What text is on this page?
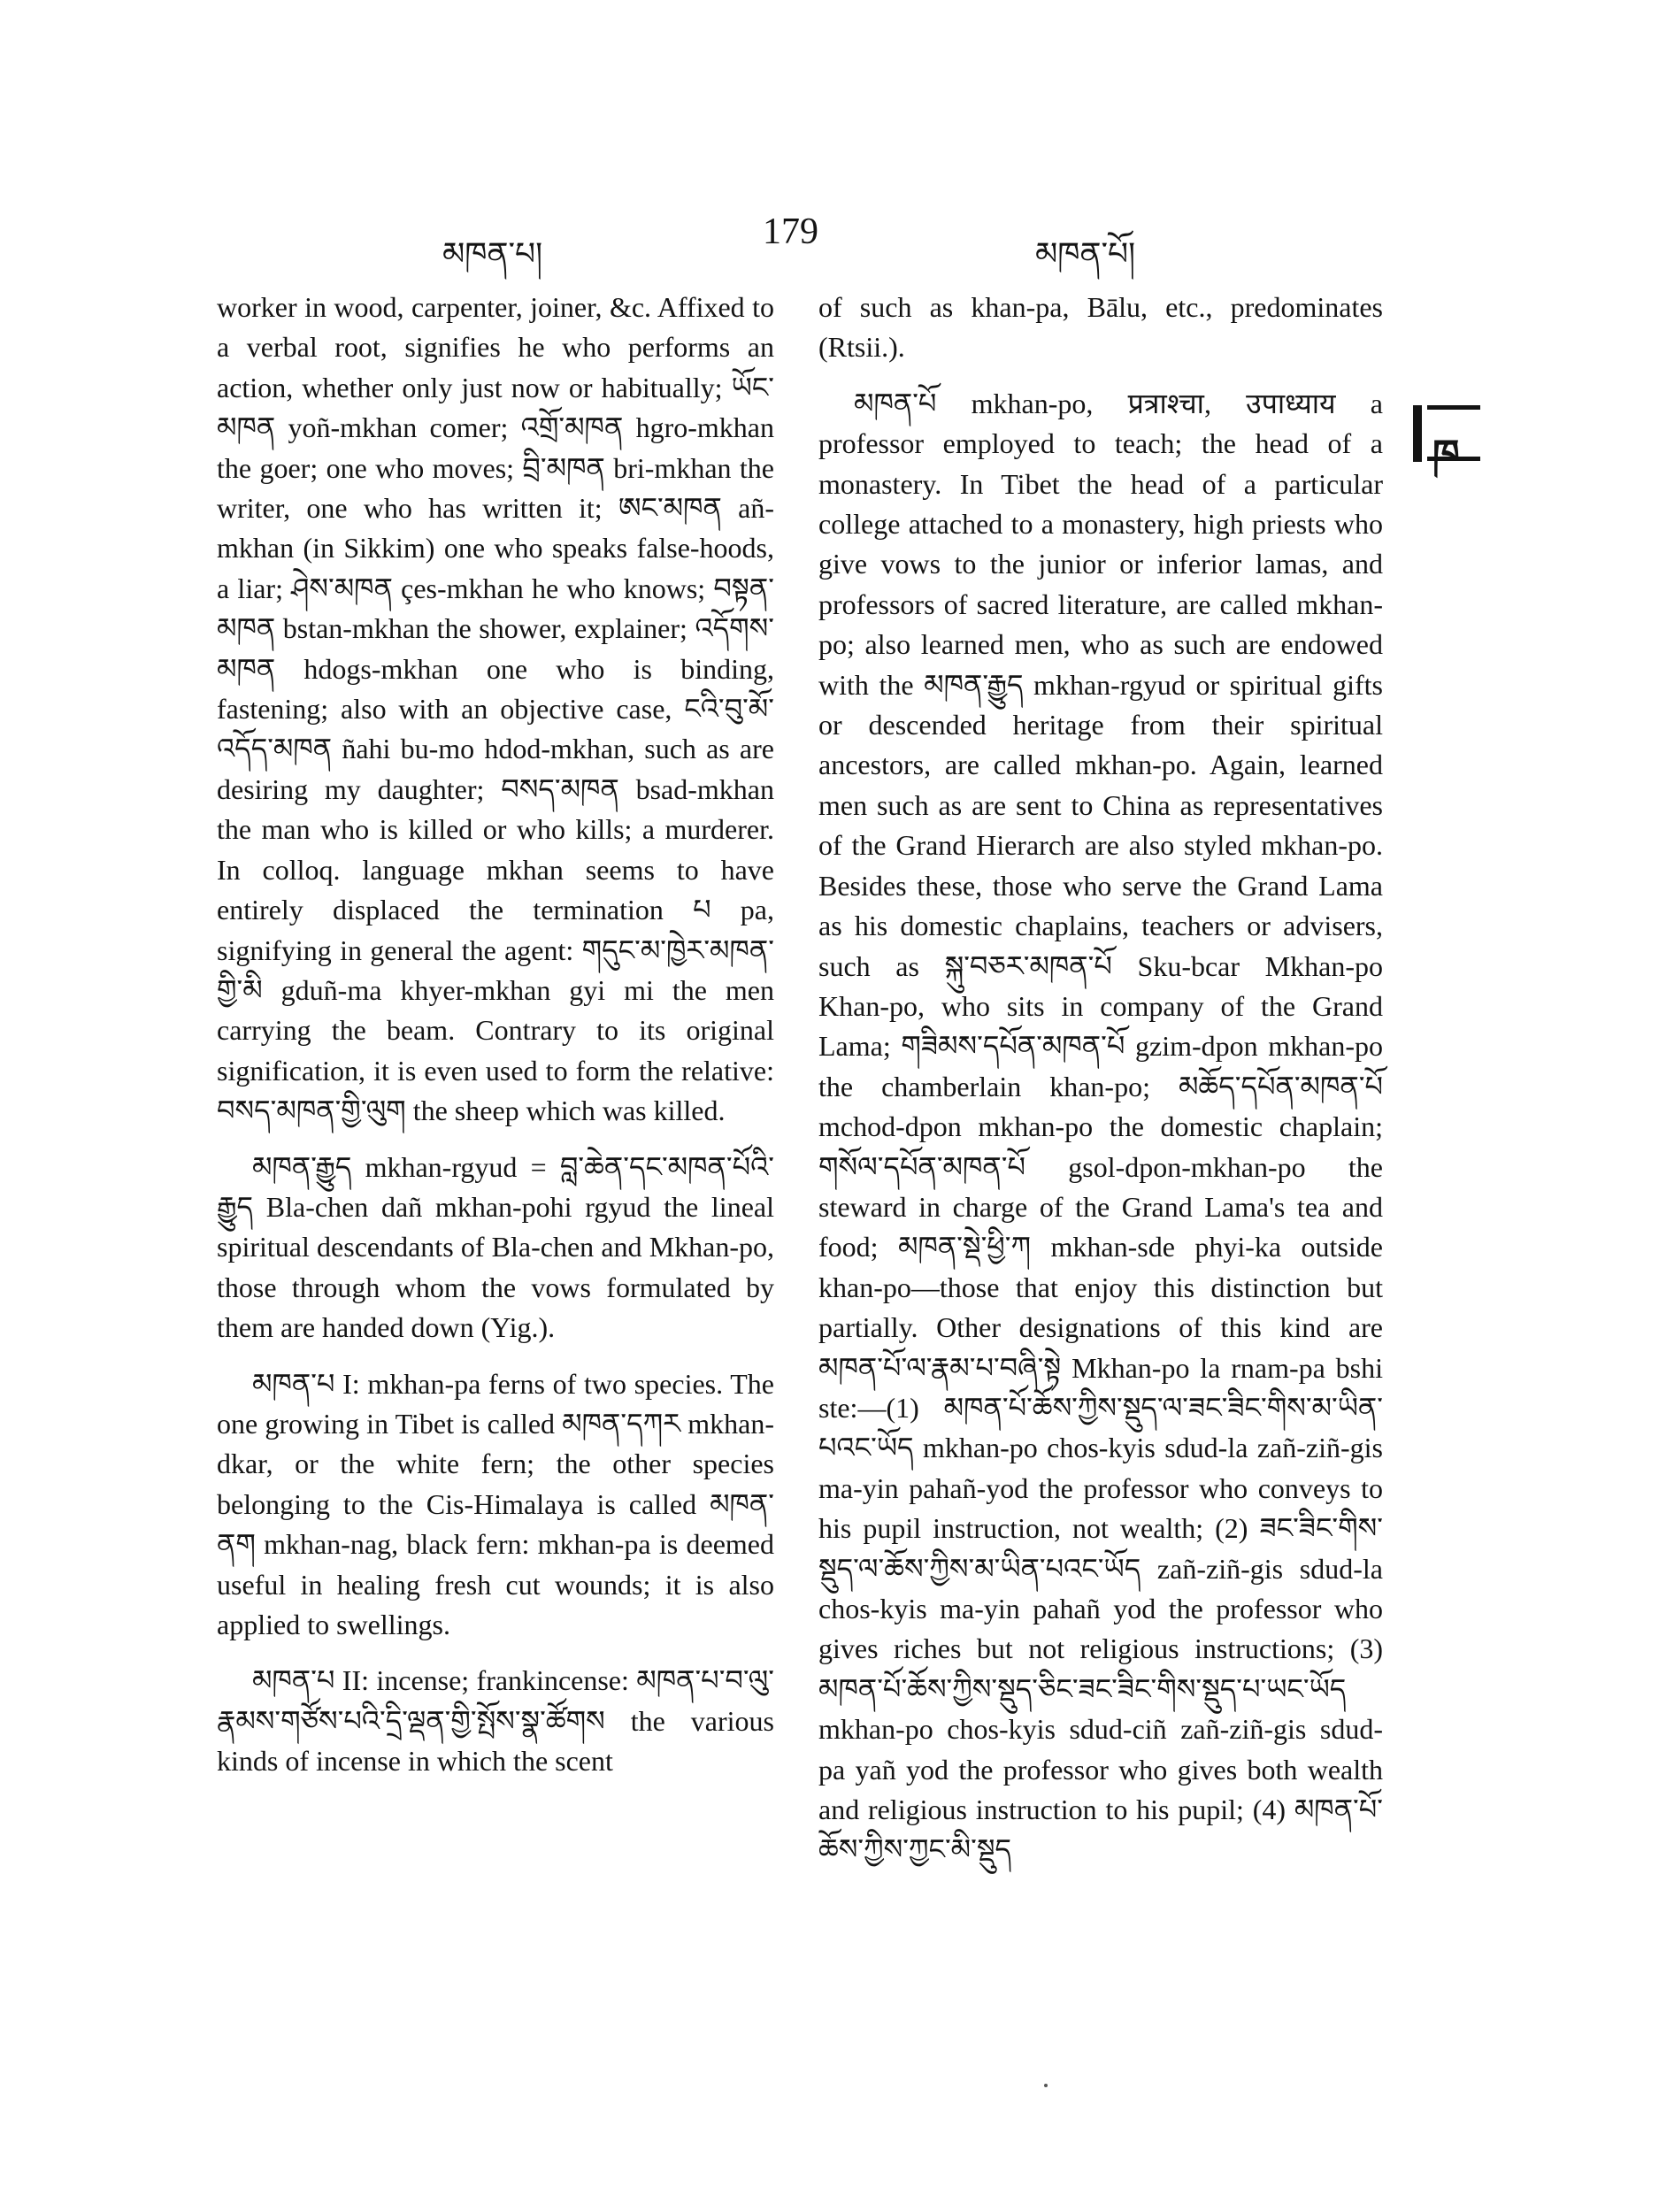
མཁན་པ།
179
མཁན་པོ།
ཁ

worker in wood, carpenter, joiner, &c. Affixed to a verbal root, signifies he who performs an action, whether only just now or habitually; ཡོང་མཁན yoñ-mkhan comer; འགྲོ་མཁན hgro-mkhan the goer; one who moves; བྲི་མཁན bri-mkhan the writer, one who has written it; ཨང་མཁན añ-mkhan (in Sikkim) one who speaks false-hoods, a liar; ཤེས་མཁན çes-mkhan he who knows; བསྟན་མཁན bstan-mkhan the shower, explainer; འདོགས་མཁན hdogs-mkhan one who is binding, fastening; also with an objective case, ངའི་བུ་མོ་འདོད་མཁན ñahi bu-mo hdod-mkhan, such as are desiring my daughter; བསད་མཁན bsad-mkhan the man who is killed or who kills; a murderer. In colloq. language mkhan seems to have entirely displaced the termination པ pa, signifying in general the agent: གདུང་མ་ཁྱེར་མཁན་གྱི་མི gduñ-ma khyer-mkhan gyi mi the men carrying the beam. Contrary to its original signification, it is even used to form the relative: བསད་མཁན་གྱི་ལུག the sheep which was killed.

མཁན་རྒྱུད mkhan-rgyud = བླ་ཆེན་དང་མཁན་པོའི་རྒྱུད Bla-chen dañ mkhan-pohi rgyud the lineal spiritual descendants of Bla-chen and Mkhan-po, those through whom the vows formulated by them are handed down (Yig.).

མཁན་པ I: mkhan-pa ferns of two species. The one growing in Tibet is called མཁན་དཀར mkhan-dkar, or the white fern; the other species belonging to the Cis-Himalaya is called མཁན་ནག mkhan-nag, black fern: mkhan-pa is deemed useful in healing fresh cut wounds; it is also applied to swellings.

མཁན་པ II: incense; frankincense: མཁན་པ་བ་ལུ་རྣམས་གཙོས་པའི་དྲི་ལྡན་གྱི་སྤོས་སྣ་ཚོགས the various kinds of incense in which the scent

of such as khan-pa, Bālu, etc., predominates (Rtsii.).

མཁན་པོ mkhan-po, प्रत्राश्चा, उपाध्याय a professor employed to teach; the head of a monastery. In Tibet the head of a particular college attached to a monastery, high priests who give vows to the junior or inferior lamas, and professors of sacred literature, are called mkhan-po; also learned men, who as such are endowed with the མཁན་རྒྱུད mkhan-rgyud or spiritual gifts or descended heritage from their spiritual ancestors, are called mkhan-po. Again, learned men such as are sent to China as representatives of the Grand Hierarch are also styled mkhan-po. Besides these, those who serve the Grand Lama as his domestic chaplains, teachers or advisers, such as སྐུ་བཅར་མཁན་པོ Sku-bcar Mkhan-po Khan-po, who sits in company of the Grand Lama; གཟིམས་དཔོན་མཁན་པོ gzim-dpon mkhan-po the chamberlain khan-po; མཆོད་དཔོན་མཁན་པོ mchod-dpon mkhan-po the domestic chaplain; གསོལ་དཔོན་མཁན་པོ gsol-dpon-mkhan-po the steward in charge of the Grand Lama's tea and food; མཁན་སྡེ་ཕྱི་ཀ mkhan-sde phyi-ka outside khan-po—those that enjoy this distinction but partially. Other designations of this kind are མཁན་པོ་ལ་རྣམ་པ་བཞི་སྟེ Mkhan-po la rnam-pa bshi ste:—(1) མཁན་པོ་ཆོས་ཀྱིས་སྡུད་ལ་ཟང་ཟིང་གིས་མ་ཡིན་པའང་ཡོད mkhan-po chos-kyis sdud-la zañ-ziñ-gis ma-yin pahañ-yod the professor who conveys to his pupil instruction, not wealth; (2) ཟང་ཟིང་གིས་སྡུད་ལ་ཆོས་ཀྱིས་མ་ཡིན་པའང་ཡོད zañ-ziñ-gis sdud-la chos-kyis ma-yin pahañ yod the professor who gives riches but not religious instructions; (3) མཁན་པོ་ཆོས་ཀྱིས་སྡུད་ཅིང་ཟང་ཟིང་གིས་སྡུད་པ་ཡང་ཡོད mkhan-po chos-kyis sdud-ciñ zañ-ziñ-gis sdud-pa yañ yod the professor who gives both wealth and religious instruction to his pupil; (4) མཁན་པོ་ཆོས་ཀྱིས་ཀྱང་མི་སྡུད
